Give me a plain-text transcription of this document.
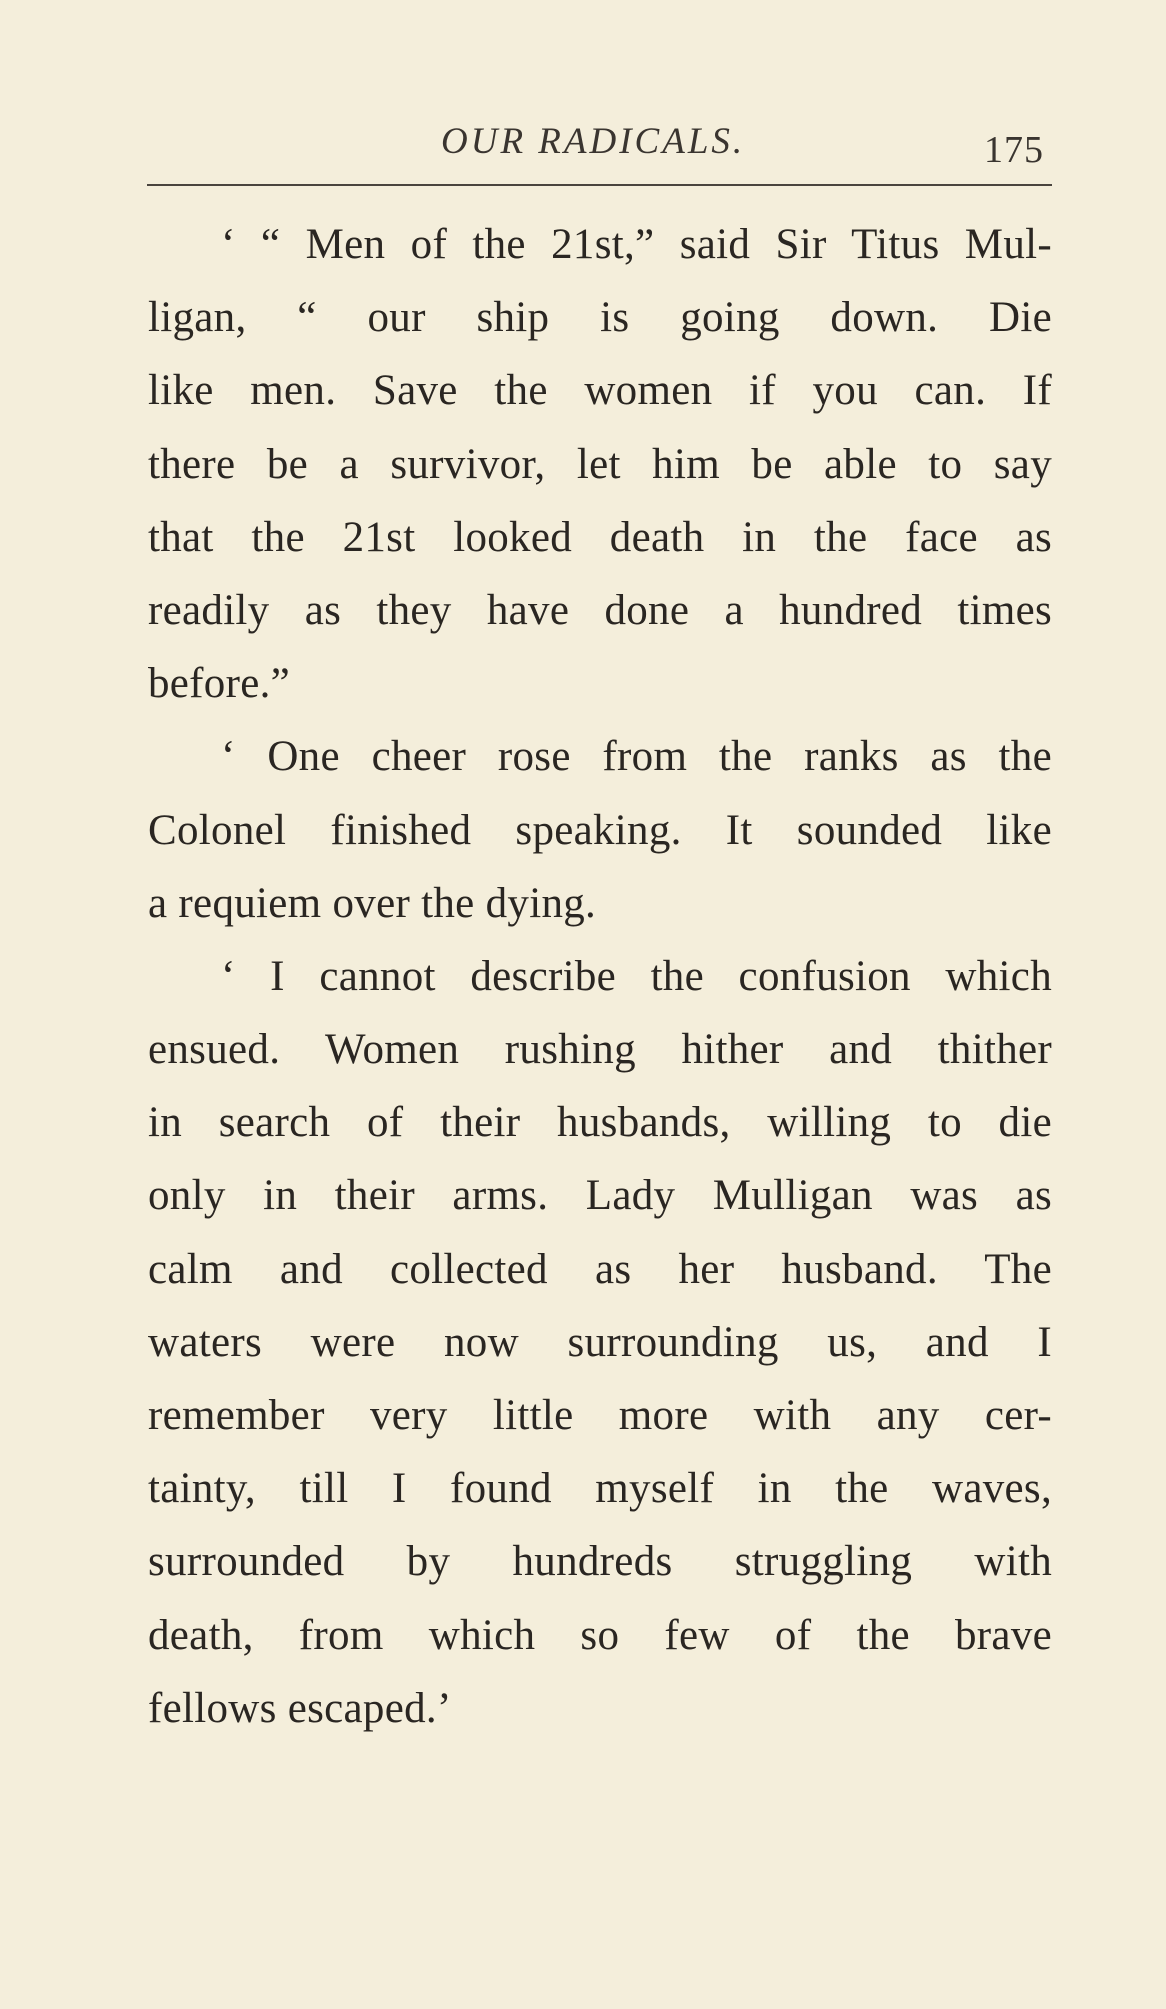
OUR RADICALS.	175
‘ “ Men of the 21st,” said Sir Titus Mul-
ligan, “ our ship is going down. Die
like men. Save the women if you can. If
there be a survivor, let him be able to say
that the 21st looked death in the face as
readily as they have done a hundred times
before.”
‘ One cheer rose from the ranks as the
Colonel finished speaking. It sounded like
a requiem over the dying.
‘ I cannot describe the confusion which
ensued. Women rushing hither and thither
in search of their husbands, willing to die
only in their arms. Lady Mulligan was as
calm and collected as her husband. The
waters were now surrounding us, and I
remember very little more with any cer-
tainty, till I found myself in the waves,
surrounded by hundreds struggling with
death, from which so few of the brave
fellows escaped.’
